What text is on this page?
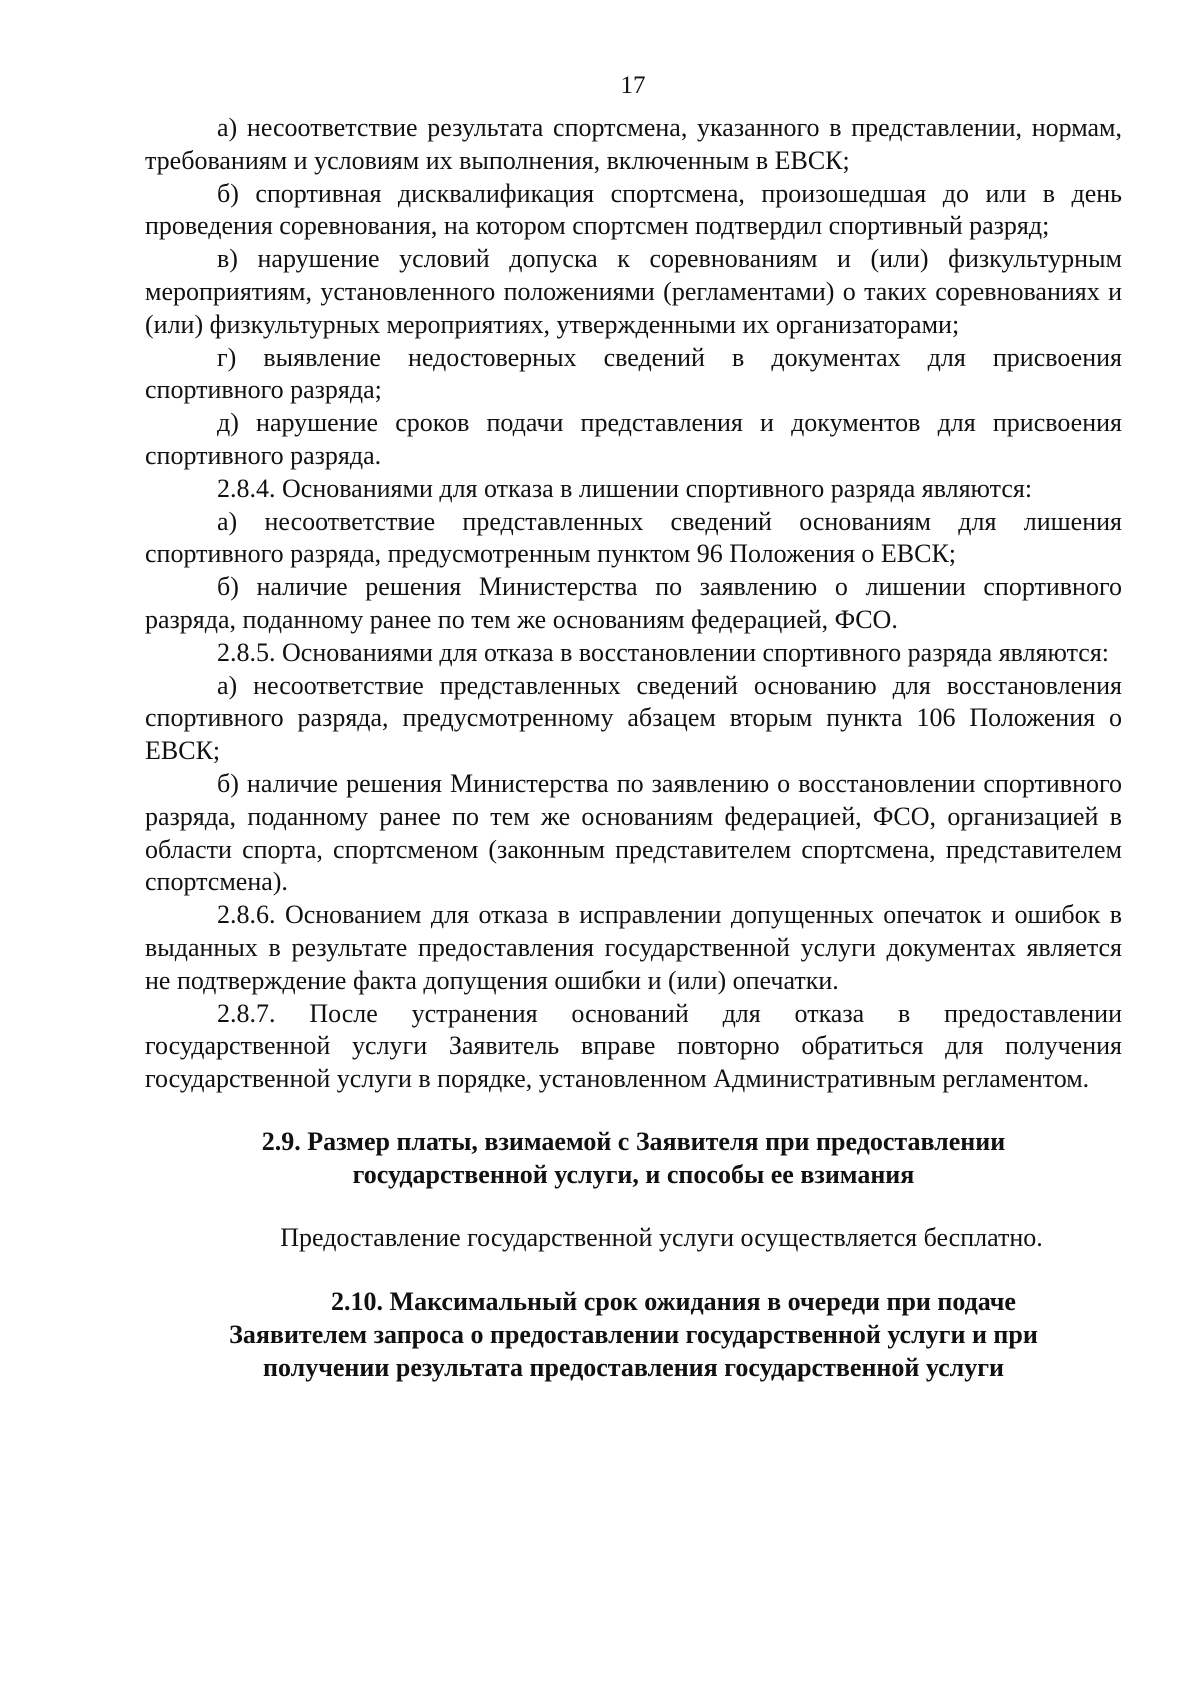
17

а) несоответствие результата спортсмена, указанного в представлении, нормам, требованиям и условиям их выполнения, включенным в ЕВСК;

б) спортивная дисквалификация спортсмена, произошедшая до или в день проведения соревнования, на котором спортсмен подтвердил спортивный разряд;

в) нарушение условий допуска к соревнованиям и (или) физкультурным мероприятиям, установленного положениями (регламентами) о таких соревнованиях и (или) физкультурных мероприятиях, утвержденными их организаторами;

г) выявление недостоверных сведений в документах для присвоения спортивного разряда;

д) нарушение сроков подачи представления и документов для присвоения спортивного разряда.

2.8.4. Основаниями для отказа в лишении спортивного разряда являются:

а) несоответствие представленных сведений основаниям для лишения спортивного разряда, предусмотренным пунктом 96 Положения о ЕВСК;

б) наличие решения Министерства по заявлению о лишении спортивного разряда, поданному ранее по тем же основаниям федерацией, ФСО.

2.8.5. Основаниями для отказа в восстановлении спортивного разряда являются:

а) несоответствие представленных сведений основанию для восстановления спортивного разряда, предусмотренному абзацем вторым пункта 106 Положения о ЕВСК;

б) наличие решения Министерства по заявлению о восстановлении спортивного разряда, поданному ранее по тем же основаниям федерацией, ФСО, организацией в области спорта, спортсменом (законным представителем спортсмена, представителем спортсмена).

2.8.6. Основанием для отказа в исправлении допущенных опечаток и ошибок в выданных в результате предоставления государственной услуги документах является не подтверждение факта допущения ошибки и (или) опечатки.

2.8.7. После устранения оснований для отказа в предоставлении государственной услуги Заявитель вправе повторно обратиться для получения государственной услуги в порядке, установленном Административным регламентом.

2.9. Размер платы, взимаемой с Заявителя при предоставлении
государственной услуги, и способы ее взимания

Предоставление государственной услуги осуществляется бесплатно.

2.10. Максимальный срок ожидания в очереди при подаче
Заявителем запроса о предоставлении государственной услуги и при
получении результата предоставления государственной услуги
